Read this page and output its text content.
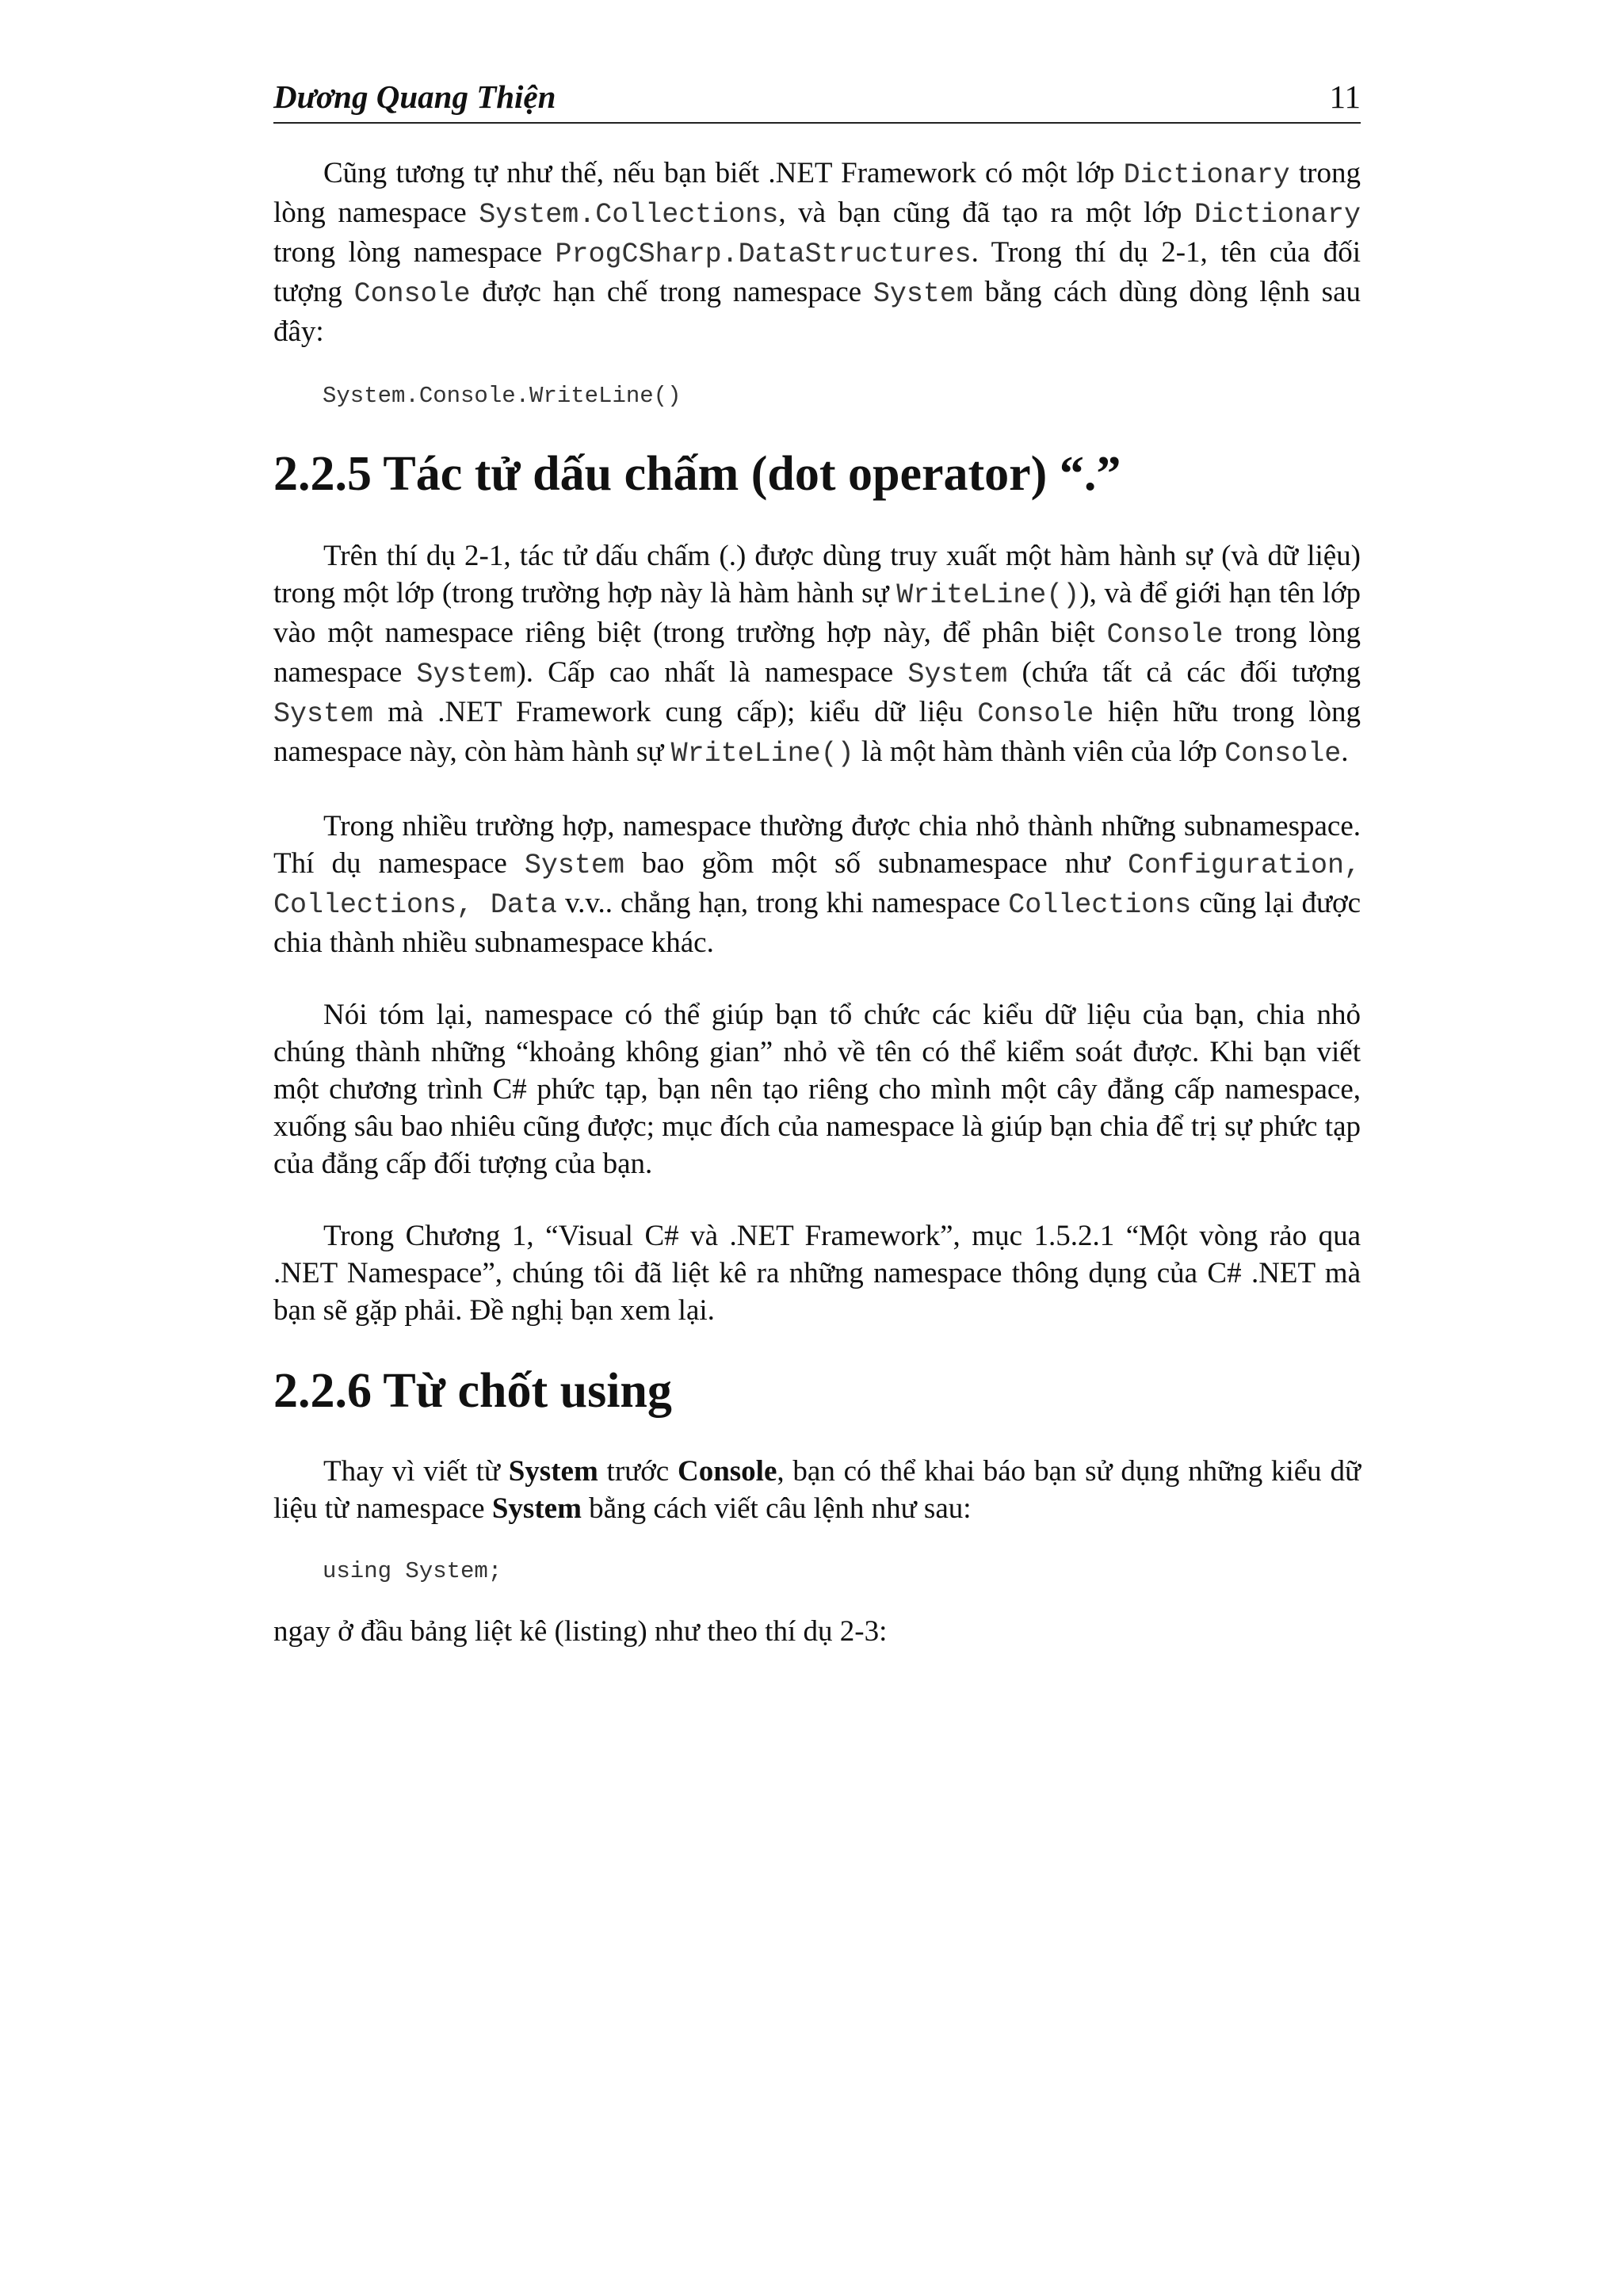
Dương Quang Thiện	11

Cũng tương tự như thế, nếu bạn biết .NET Framework có một lớp Dictionary trong lòng namespace System.Collections, và bạn cũng đã tạo ra một lớp Dictionary trong lòng namespace ProgCSharp.DataStructures. Trong thí dụ 2-1, tên của đối tượng Console được hạn chế trong namespace System bằng cách dùng dòng lệnh sau đây:

System.Console.WriteLine()
2.2.5 Tác tử dấu chấm (dot operator) “.”

Trên thí dụ 2-1, tác tử dấu chấm (.) được dùng truy xuất một hàm hành sự (và dữ liệu) trong một lớp (trong trường hợp này là hàm hành sự WriteLine()), và để giới hạn tên lớp vào một namespace riêng biệt (trong trường hợp này, để phân biệt Console trong lòng namespace System). Cấp cao nhất là namespace System (chứa tất cả các đối tượng System mà .NET Framework cung cấp); kiểu dữ liệu Console hiện hữu trong lòng namespace này, còn hàm hành sự WriteLine() là một hàm thành viên của lớp Console.

Trong nhiều trường hợp, namespace thường được chia nhỏ thành những subnamespace. Thí dụ namespace System bao gồm một số subnamespace như Configuration, Collections, Data v.v.. chẳng hạn, trong khi namespace Collections cũng lại được chia thành nhiều subnamespace khác.

Nói tóm lại, namespace có thể giúp bạn tổ chức các kiểu dữ liệu của bạn, chia nhỏ chúng thành những “khoảng không gian” nhỏ về tên có thể kiểm soát được. Khi bạn viết một chương trình C# phức tạp, bạn nên tạo riêng cho mình một cây đẳng cấp namespace, xuống sâu bao nhiêu cũng được; mục đích của namespace là giúp bạn chia để trị sự phức tạp của đẳng cấp đối tượng của bạn.

Trong Chương 1, “Visual C# và .NET Framework”, mục 1.5.2.1 “Một vòng rảo qua .NET Namespace”, chúng tôi đã liệt kê ra những namespace thông dụng của C# .NET mà bạn sẽ gặp phải. Đề nghị bạn xem lại.

2.2.6 Từ chốt using

Thay vì viết từ System trước Console, bạn có thể khai báo bạn sử dụng những kiểu dữ liệu từ namespace System bằng cách viết câu lệnh như sau:

using System;

ngay ở đầu bảng liệt kê (listing) như theo thí dụ 2-3:
